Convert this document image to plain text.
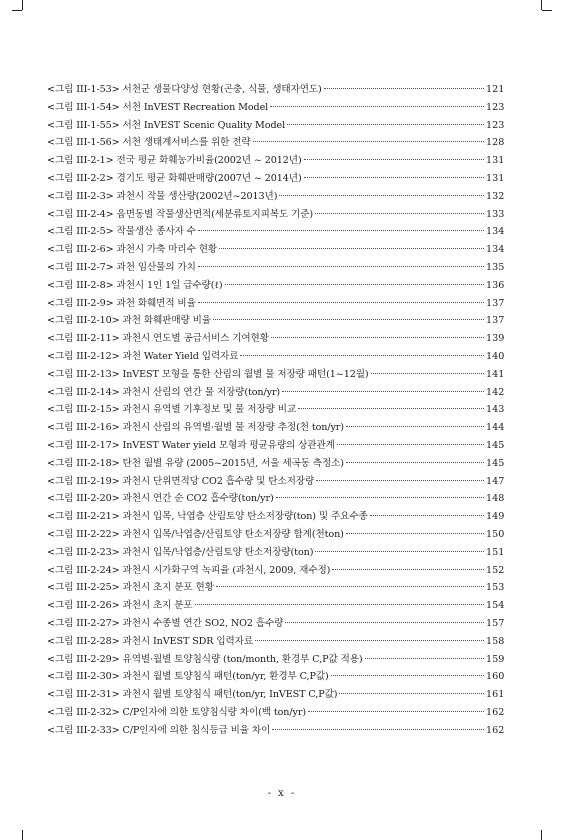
<그림 III-1-53> 서천군 생물다양성 현황(곤충, 식물, 생태자연도)	121
<그림 III-1-54> 서천 InVEST Recreation Model	123
<그림 III-1-55> 서천 InVEST Scenic Quality Model	123
<그림 III-1-56> 서천 생태계서비스를 위한 전략	128
<그림 III-2-1> 전국 평균 화훼농가비율(2002년 ~ 2012년)	131
<그림 III-2-2> 경기도 평균 화훼판매량(2007년 ~ 2014년)	131
<그림 III-2-3> 과천시 작물 생산량(2002년~2013년)	132
<그림 III-2-4> 읍면동별 작물생산면적(세분류토지피복도 기준)	133
<그림 III-2-5> 작물생산 종사자 수	134
<그림 III-2-6> 과천시 가축 마리수 현황	134
<그림 III-2-7> 과천 임산물의 가치	135
<그림 III-2-8> 과천시 1인 1일 급수량(ℓ)	136
<그림 III-2-9> 과천 화훼면적 비율	137
<그림 III-2-10> 과천 화훼판매량 비율	137
<그림 III-2-11> 과천시 연도별 공급서비스 기여현황	139
<그림 III-2-12> 과천 Water Yield 입력자료	140
<그림 III-2-13> InVEST 모형을 통한 산림의 월별 물 저장량 패턴(1~12월)	141
<그림 III-2-14> 과천시 산림의 연간 물 저장량(ton/yr)	142
<그림 III-2-15> 과천시 유역별 기후정보 및 물 저장량 비교	143
<그림 III-2-16> 과천시 산림의 유역별·월별 물 저장량 추정(천 ton/yr)	144
<그림 III-2-17> InVEST Water yield 모형과 평균유량의 상관관계	145
<그림 III-2-18> 탄천 월별 유량 (2005~2015년, 서울 세곡동 측정소)	145
<그림 III-2-19> 과천시 단위면적당 CO2 흡수량 및 탄소저장량	147
<그림 III-2-20> 과천시 연간 순 CO2 흡수량(ton/yr)	148
<그림 III-2-21> 과천시 입목, 낙엽층 산림토양 탄소저장량(ton) 및 주요수종	149
<그림 III-2-22> 과천시 입목/낙엽층/산림토양 탄소저장량 합계(천ton)	150
<그림 III-2-23> 과천시 입목/낙엽층/산림토양 탄소저장량(ton)	151
<그림 III-2-24> 과천시 시가화구역 녹피율 (과천시, 2009, 재수정)	152
<그림 III-2-25> 과천시 초지 분포 현황	153
<그림 III-2-26> 과천시 초지 분포	154
<그림 III-2-27> 과천시 수종별 연간 SO2, NO2 흡수량	157
<그림 III-2-28> 과천시 InVEST SDR 입력자료	158
<그림 III-2-29> 유역별·월별 토양침식량 (ton/month, 환경부 C,P값 적용)	159
<그림 III-2-30> 과천시 월별 토양침식 패턴(ton/yr, 환경부 C,P값)	160
<그림 III-2-31> 과천시 월별 토양침식 패턴(ton/yr, InVEST C,P값)	161
<그림 III-2-32> C/P인자에 의한 토양침식량 차이(백 ton/yr)	162
<그림 III-2-33> C/P인자에 의한 침식등급 비율 차이	162
- x -
